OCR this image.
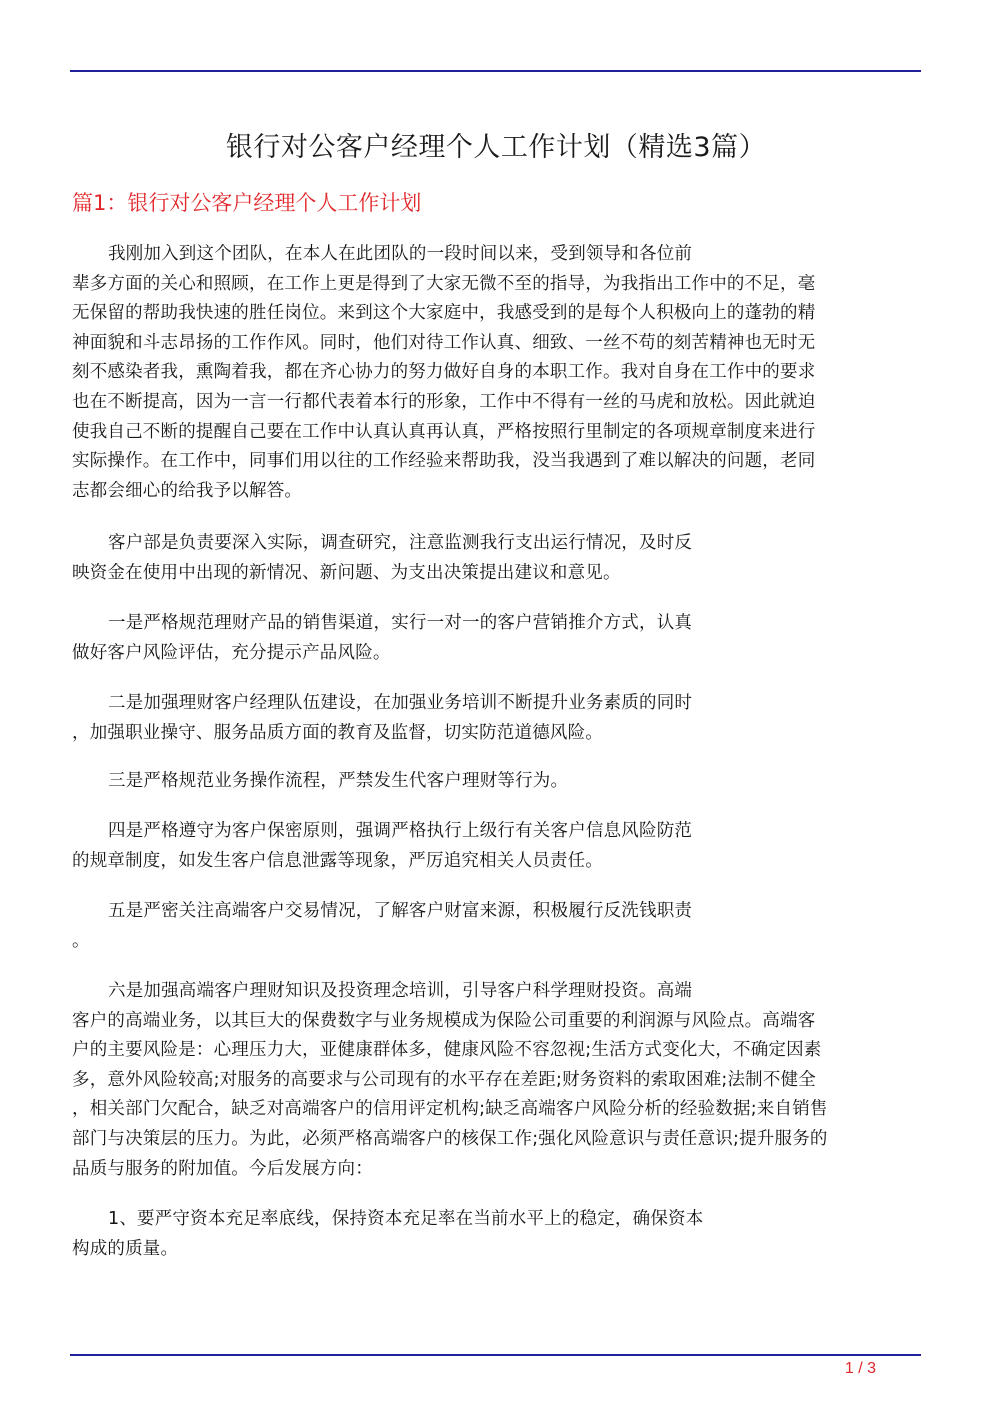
银行对公客户经理个人工作计划（精选3篇）
篇1：银行对公客户经理个人工作计划
我刚加入到这个团队，在本人在此团队的一段时间以来，受到领导和各位前
辈多方面的关心和照顾，在工作上更是得到了大家无微不至的指导，为我指出工作中的不足，毫
无保留的帮助我快速的胜任岗位。来到这个大家庭中，我感受到的是每个人积极向上的蓬勃的精
神面貌和斗志昂扬的工作作风。同时，他们对待工作认真、细致、一丝不苟的刻苦精神也无时无
刻不感染者我，熏陶着我，都在齐心协力的努力做好自身的本职工作。我对自身在工作中的要求
也在不断提高，因为一言一行都代表着本行的形象，工作中不得有一丝的马虎和放松。因此就迫
使我自己不断的提醒自己要在工作中认真认真再认真，严格按照行里制定的各项规章制度来进行
实际操作。在工作中，同事们用以往的工作经验来帮助我，没当我遇到了难以解决的问题，老同
志都会细心的给我予以解答。
客户部是负责要深入实际，调查研究，注意监测我行支出运行情况，及时反
映资金在使用中出现的新情况、新问题、为支出决策提出建议和意见。
一是严格规范理财产品的销售渠道，实行一对一的客户营销推介方式，认真
做好客户风险评估，充分提示产品风险。
二是加强理财客户经理队伍建设，在加强业务培训不断提升业务素质的同时
，加强职业操守、服务品质方面的教育及监督，切实防范道德风险。
三是严格规范业务操作流程，严禁发生代客户理财等行为。
四是严格遵守为客户保密原则，强调严格执行上级行有关客户信息风险防范
的规章制度，如发生客户信息泄露等现象，严厉追究相关人员责任。
五是严密关注高端客户交易情况，了解客户财富来源，积极履行反洗钱职责
。
六是加强高端客户理财知识及投资理念培训，引导客户科学理财投资。高端
客户的高端业务，以其巨大的保费数字与业务规模成为保险公司重要的利润源与风险点。高端客
户的主要风险是：心理压力大，亚健康群体多，健康风险不容忽视;生活方式变化大，不确定因素
多，意外风险较高;对服务的高要求与公司现有的水平存在差距;财务资料的索取困难;法制不健全
，相关部门欠配合，缺乏对高端客户的信用评定机构;缺乏高端客户风险分析的经验数据;来自销售
部门与决策层的压力。为此，必须严格高端客户的核保工作;强化风险意识与责任意识;提升服务的
品质与服务的附加值。今后发展方向：
1、要严守资本充足率底线，保持资本充足率在当前水平上的稳定，确保资本
构成的质量。
1 / 3
